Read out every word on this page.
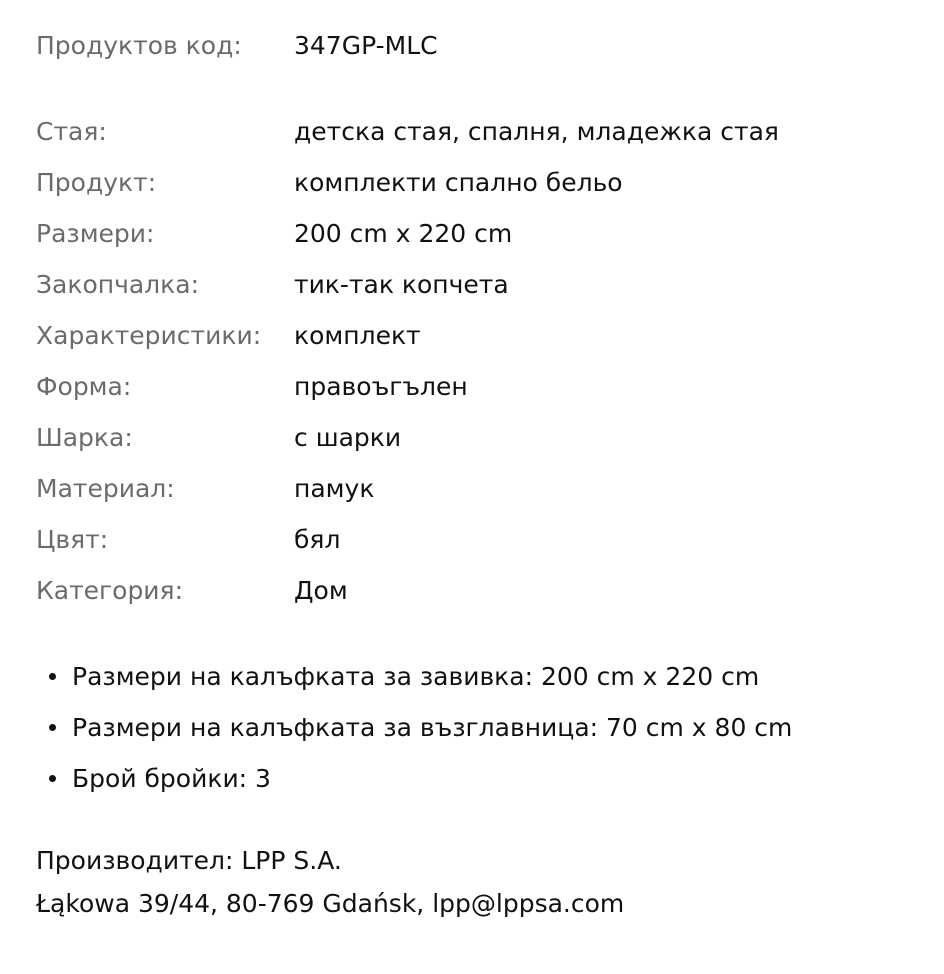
Продуктов код:	347GP-MLC
Стая:	детска стая, спалня, младежка стая
Продукт:	комплекти спално бельо
Размери:	200 cm x 220 cm
Закопчалка:	тик-так копчета
Характеристики:	комплект
Форма:	правоъгълен
Шарка:	с шарки
Материал:	памук
Цвят:	бял
Категория:	Дом
Размери на калъфката за завивка: 200 cm x 220 cm
Размери на калъфката за възглавница: 70 cm x 80 cm
Брой бройки: 3
Производител: LPP S.A.
Łąkowa 39/44, 80-769 Gdańsk, lpp@lppsa.com
